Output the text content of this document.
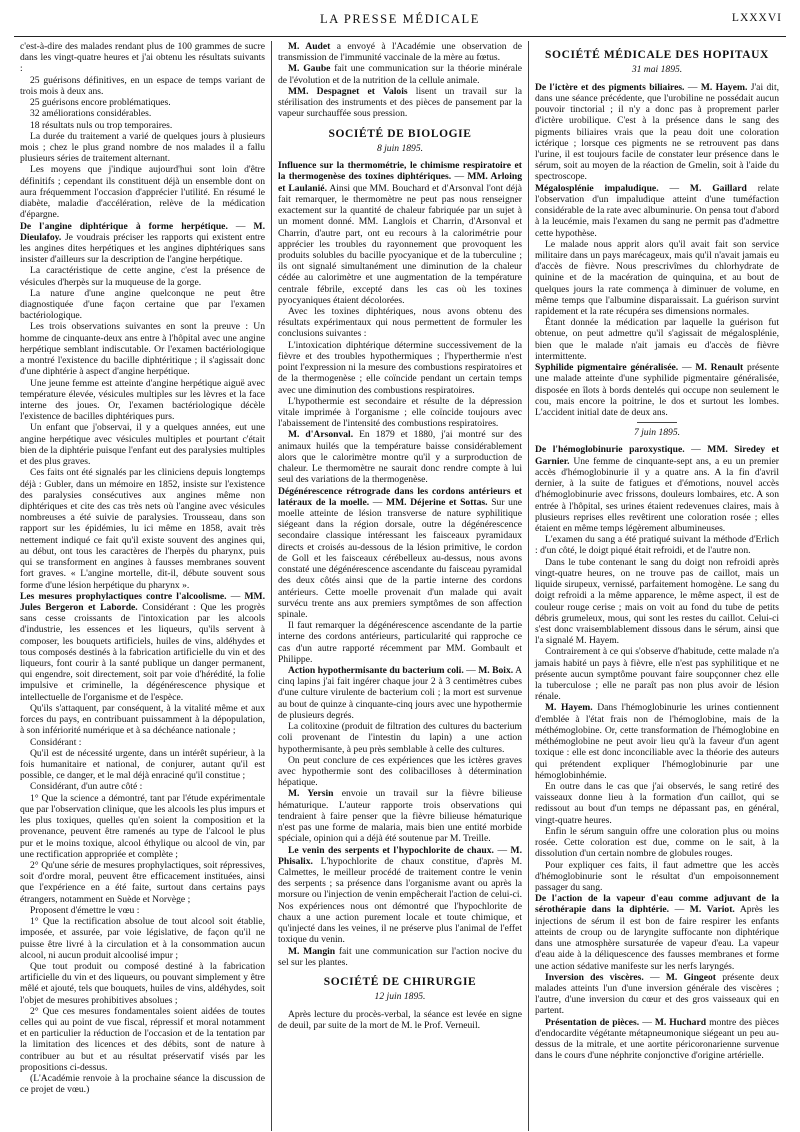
LA PRESSE MÉDICALE	LXXXVI

c'est-à-dire des malades rendant plus de 100 grammes de sucre dans les vingt-quatre heures et j'ai obtenu les résultats suivants :

25 guérisons définitives, en un espace de temps variant de trois mois à deux ans.

25 guérisons encore problématiques.

32 améliorations considérables.

18 résultats nuls ou trop temporaires.

La durée du traitement a varié de quelques jours à plusieurs mois ; chez le plus grand nombre de nos malades il a fallu plusieurs séries de traitement alternant.

Les moyens que j'indique aujourd'hui sont loin d'être définitifs ; cependant ils constituent déjà un ensemble dont on aura fréquemment l'occasion d'apprécier l'utilité. En résumé le diabète, maladie d'accélération, relève de la médication d'épargne.

De l'angine diphtérique à forme herpétique. — M. Dieulafoy. Je voudrais préciser les rapports qui existent entre les angines dites herpétiques et les angines diphtériques sans insister d'ailleurs sur la description de l'angine herpétique.

La caractéristique de cette angine, c'est la présence de vésicules d'herpès sur la muqueuse de la gorge.

La nature d'une angine quelconque ne peut être diagnostiquée d'une façon certaine que par l'examen bactériologique.

Les trois observations suivantes en sont la preuve : Un homme de cinquante-deux ans entre à l'hôpital avec une angine herpétique semblant indiscutable. Or l'examen bactériologique a montré l'existence du bacille diphtéritique ; il s'agissait donc d'une diphtérie à aspect d'angine herpétique.

Une jeune femme est atteinte d'angine herpétique aiguë avec température élevée, vésicules multiples sur les lèvres et la face interne des joues. Or, l'examen bactériologique décèle l'existence de bacilles diphtériques purs.

Un enfant que j'observai, il y a quelques années, eut une angine herpétique avec vésicules multiples et pourtant c'était bien de la diphtérie puisque l'enfant eut des paralysies multiples et des plus graves.

Ces faits ont été signalés par les cliniciens depuis longtemps déjà : Gubler, dans un mémoire en 1852, insiste sur l'existence des paralysies consécutives aux angines même non diphtériques et cite des cas très nets où l'angine avec vésicules nombreuses a été suivie de paralysies. Trousseau, dans son rapport sur les épidémies, lu ici même en 1858, avait très nettement indiqué ce fait qu'il existe souvent des angines qui, au début, ont tous les caractères de l'herpès du pharynx, puis qui se transforment en angines à fausses membranes souvent fort graves. « L'angine mortelle, dit-il, débute souvent sous forme d'une lésion herpétique du pharynx ».

Les mesures prophylactiques contre l'alcoolisme. — MM. Jules Bergeron et Laborde. Considérant : Que les progrès sans cesse croissants de l'intoxication par les alcools d'industrie, les essences et les liqueurs, qu'ils servent à composer, les bouquets artificiels, huiles de vins, aldéhydes et tous composés destinés à la fabrication artificielle du vin et des liqueurs, font courir à la santé publique un danger permanent, qui engendre, soit directement, soit par voie d'hérédité, la folie impulsive et criminelle, la dégénérescence physique et intellectuelle de l'organisme et de l'espèce.

Qu'ils s'attaquent, par conséquent, à la vitalité même et aux forces du pays, en contribuant puissamment à la dépopulation, à son infériorité numérique et à sa déchéance nationale ;

Considérant :

Qu'il est de nécessité urgente, dans un intérêt supérieur, à la fois humanitaire et national, de conjurer, autant qu'il est possible, ce danger, et le mal déjà enraciné qu'il constitue ;

Considérant, d'un autre côté :

1° Que la science a démontré, tant par l'étude expérimentale que par l'observation clinique, que les alcools les plus impurs et les plus toxiques, quelles qu'en soient la composition et la provenance, peuvent être ramenés au type de l'alcool le plus pur et le moins toxique, alcool éthylique ou alcool de vin, par une rectification appropriée et complète ;

2° Qu'une série de mesures prophylactiques, soit répressives, soit d'ordre moral, peuvent être efficacement instituées, ainsi que l'expérience en a été faite, surtout dans certains pays étrangers, notamment en Suède et Norvège ;

Proposent d'émettre le vœu :

1° Que la rectification absolue de tout alcool soit établie, imposée, et assurée, par voie législative, de façon qu'il ne puisse être livré à la circulation et à la consommation aucun alcool, ni aucun produit alcoolisé impur ;

Que tout produit ou composé destiné à la fabrication artificielle du vin et des liqueurs, ou pouvant simplement y être mêlé et ajouté, tels que bouquets, huiles de vins, aldéhydes, soit l'objet de mesures prohibitives absolues ;

2° Que ces mesures fondamentales soient aidées de toutes celles qui au point de vue fiscal, répressif et moral notamment et en particulier la réduction de l'occasion et de la tentation par la limitation des licences et des débits, sont de nature à contribuer au but et au résultat préservatif visés par les propositions ci-dessus.

(L'Académie renvoie à la prochaine séance la discussion de ce projet de vœu.)

M. Audet a envoyé à l'Académie une observation de transmission de l'immunité vaccinale de la mère au fœtus.

M. Gaube fait une communication sur la théorie minérale de l'évolution et de la nutrition de la cellule animale.

MM. Despagnet et Valois lisent un travail sur la stérilisation des instruments et des pièces de pansement par la vapeur surchauffée sous pression.

SOCIÉTÉ DE BIOLOGIE
8 juin 1895.

Influence sur la thermométrie, le chimisme respiratoire et la thermogenèse des toxines diphtériques. — MM. Arloing et Laulanié. Ainsi que MM. Bouchard et d'Arsonval l'ont déjà fait remarquer, le thermomètre ne peut pas nous renseigner exactement sur la quantité de chaleur fabriquée par un sujet à un moment donné. MM. Langlois et Charrin, d'Arsonval et Charrin, d'autre part, ont eu recours à la calorimétrie pour apprécier les troubles du rayonnement que provoquent les produits solubles du bacille pyocyanique et de la tuberculine ; ils ont signalé simultanément une diminution de la chaleur cédée au calorimètre et une augmentation de la température centrale fébrile, excepté dans les cas où les toxines pyocyaniques étaient décolorées.

Avec les toxines diphtériques, nous avons obtenu des résultats expérimentaux qui nous permettent de formuler les conclusions suivantes :

L'intoxication diphtérique détermine successivement de la fièvre et des troubles hypothermiques ; l'hyperthermie n'est point l'expression ni la mesure des combustions respiratoires et de la thermogenèse ; elle coïncide pendant un certain temps avec une diminution des combustions respiratoires.

L'hypothermie est secondaire et résulte de la dépression vitale imprimée à l'organisme ; elle coïncide toujours avec l'abaissement de l'intensité des combustions respiratoires.

M. d'Arsonval. En 1879 et 1880, j'ai montré sur des animaux huilés que la température baisse considérablement alors que le calorimètre montre qu'il y a surproduction de chaleur. Le thermomètre ne saurait donc rendre compte à lui seul des variations de la thermogenèse.

Dégénérescence rétrograde dans les cordons antérieurs et latéraux de la moelle. — MM. Déjerine et Sottas. Sur une moelle atteinte de lésion transverse de nature syphilitique siégeant dans la région dorsale, outre la dégénérescence secondaire classique intéressant les faisceaux pyramidaux directs et croisés au-dessous de la lésion primitive, le cordon de Goll et les faisceaux cérébelleux au-dessus, nous avons constaté une dégénérescence ascendante du faisceau pyramidal des deux côtés ainsi que de la partie interne des cordons antérieurs. Cette moelle provenait d'un malade qui avait survécu trente ans aux premiers symptômes de son affection spinale.

Il faut remarquer la dégénérescence ascendante de la partie interne des cordons antérieurs, particularité qui rapproche ce cas d'un autre rapporté récemment par MM. Gombault et Philippe.

Action hypothermisante du bacterium coli. — M. Boix. A cinq lapins j'ai fait ingérer chaque jour 2 à 3 centimètres cubes d'une culture virulente de bacterium coli ; la mort est survenue au bout de quinze à cinquante-cinq jours avec une hypothermie de plusieurs degrés.

La colitoxine (produit de filtration des cultures du bacterium coli provenant de l'intestin du lapin) a une action hypothermisante, à peu près semblable à celle des cultures.

On peut conclure de ces expériences que les ictères graves avec hypothermie sont des colibacilloses à détermination hépatique.

M. Yersin envoie un travail sur la fièvre bilieuse hématurique. L'auteur rapporte trois observations qui tendraient à faire penser que la fièvre bilieuse hématurique n'est pas une forme de malaria, mais bien une entité morbide spéciale, opinion qui a déjà été soutenue par M. Treille.

Le venin des serpents et l'hypochlorite de chaux. — M. Phisalix. L'hypochlorite de chaux constitue, d'après M. Calmettes, le meilleur procédé de traitement contre le venin des serpents ; sa présence dans l'organisme avant ou après la morsure ou l'injection de venin empêcherait l'action de celui-ci. Nos expériences nous ont démontré que l'hypochlorite de chaux a une action purement locale et toute chimique, et qu'injecté dans les veines, il ne préserve plus l'animal de l'effet toxique du venin.

M. Mangin fait une communication sur l'action nocive du sel sur les plantes.

SOCIÉTÉ DE CHIRURGIE
12 juin 1895.

Après lecture du procès-verbal, la séance est levée en signe de deuil, par suite de la mort de M. le Prof. Verneuil.

SOCIÉTÉ MÉDICALE DES HOPITAUX
31 mai 1895.

De l'ictère et des pigments biliaires. — M. Hayem. J'ai dit, dans une séance précédente, que l'urobiline ne possédait aucun pouvoir tinctorial ; il n'y a donc pas à proprement parler d'ictère urobilique. C'est à la présence dans le sang des pigments biliaires vrais que la peau doit une coloration ictérique ; lorsque ces pigments ne se retrouvent pas dans l'urine, il est toujours facile de constater leur présence dans le sérum, soit au moyen de la réaction de Gmelin, soit à l'aide du spectroscope.

Mégalosplénie impaludique. — M. Gaillard relate l'observation d'un impaludique atteint d'une tuméfaction considérable de la rate avec albuminurie. On pensa tout d'abord à la leucémie, mais l'examen du sang ne permit pas d'admettre cette hypothèse.

Le malade nous apprit alors qu'il avait fait son service militaire dans un pays marécageux, mais qu'il n'avait jamais eu d'accès de fièvre. Nous prescrivîmes du chlorhydrate de quinine et de la macération de quinquina, et au bout de quelques jours la rate commença à diminuer de volume, en même temps que l'albumine disparaissait. La guérison survint rapidement et la rate récupéra ses dimensions normales.

Étant donnée la médication par laquelle la guérison fut obtenue, on peut admettre qu'il s'agissait de mégalosplénie, bien que le malade n'ait jamais eu d'accès de fièvre intermittente.

Syphilide pigmentaire généralisée. — M. Renault présente une malade atteinte d'une syphilide pigmentaire généralisée, disposée en îlots à bords dentelés qui occupe non seulement le cou, mais encore la poitrine, le dos et surtout les lombes. L'accident initial date de deux ans.

7 juin 1895.

De l'hémoglobinurie paroxystique. — MM. Siredey et Garnier. Une femme de cinquante-sept ans, a eu un premier accès d'hémoglobinurie il y a quatre ans. A la fin d'avril dernier, à la suite de fatigues et d'émotions, nouvel accès d'hémoglobinurie avec frissons, douleurs lombaires, etc. A son entrée à l'hôpital, ses urines étaient redevenues claires, mais à plusieurs reprises elles revêtirent une coloration rosée ; elles étaient en même temps légèrement albumineuses.

L'examen du sang a été pratiqué suivant la méthode d'Erlich : d'un côté, le doigt piqué était refroidi, et de l'autre non.

Dans le tube contenant le sang du doigt non refroidi après vingt-quatre heures, on ne trouve pas de caillot, mais un liquide sirupeux, vernissé, parfaitement homogène. Le sang du doigt refroidi a la même apparence, le même aspect, il est de couleur rouge cerise ; mais on voit au fond du tube de petits débris grumeleux, mous, qui sont les restes du caillot. Celui-ci s'est donc vraisemblablement dissous dans le sérum, ainsi que l'a signalé M. Hayem.

Contrairement à ce qui s'observe d'habitude, cette malade n'a jamais habité un pays à fièvre, elle n'est pas syphilitique et ne présente aucun symptôme pouvant faire soupçonner chez elle la tuberculose ; elle ne paraît pas non plus avoir de lésion rénale.

M. Hayem. Dans l'hémoglobinurie les urines contiennent d'emblée à l'état frais non de l'hémoglobine, mais de la méthémoglobine. Or, cette transformation de l'hémoglobine en méthémoglobine ne peut avoir lieu qu'à la faveur d'un agent toxique : elle est donc inconciliable avec la théorie des auteurs qui prétendent expliquer l'hémoglobinurie par une hémoglobinhémie.

En outre dans le cas que j'ai observés, le sang retiré des vaisseaux donne lieu à la formation d'un caillot, qui se redissout au bout d'un temps ne dépassant pas, en général, vingt-quatre heures.

Enfin le sérum sanguin offre une coloration plus ou moins rosée. Cette coloration est due, comme on le sait, à la dissolution d'un certain nombre de globules rouges.

Pour expliquer ces faits, il faut admettre que les accès d'hémoglobinurie sont le résultat d'un empoisonnement passager du sang.

De l'action de la vapeur d'eau comme adjuvant de la sérothérapie dans la diphtérie. — M. Variot. Après les injections de sérum il est bon de faire respirer les enfants atteints de croup ou de laryngite suffocante non diphtérique dans une atmosphère sursaturée de vapeur d'eau. La vapeur d'eau aide à la déliquescence des fausses membranes et forme une action sédative manifeste sur les nerfs laryngés.

Inversion des viscères. — M. Gingeot présente deux malades atteints l'un d'une inversion générale des viscères ; l'autre, d'une inversion du cœur et des gros vaisseaux qui en partent.

Présentation de pièces. — M. Huchard montre des pièces d'endocardite végétante métapneumonique siégeant un peu au-dessus de la mitrale, et une aortite péricoronarienne survenue dans le cours d'une néphrite conjonctive d'origine artérielle.
